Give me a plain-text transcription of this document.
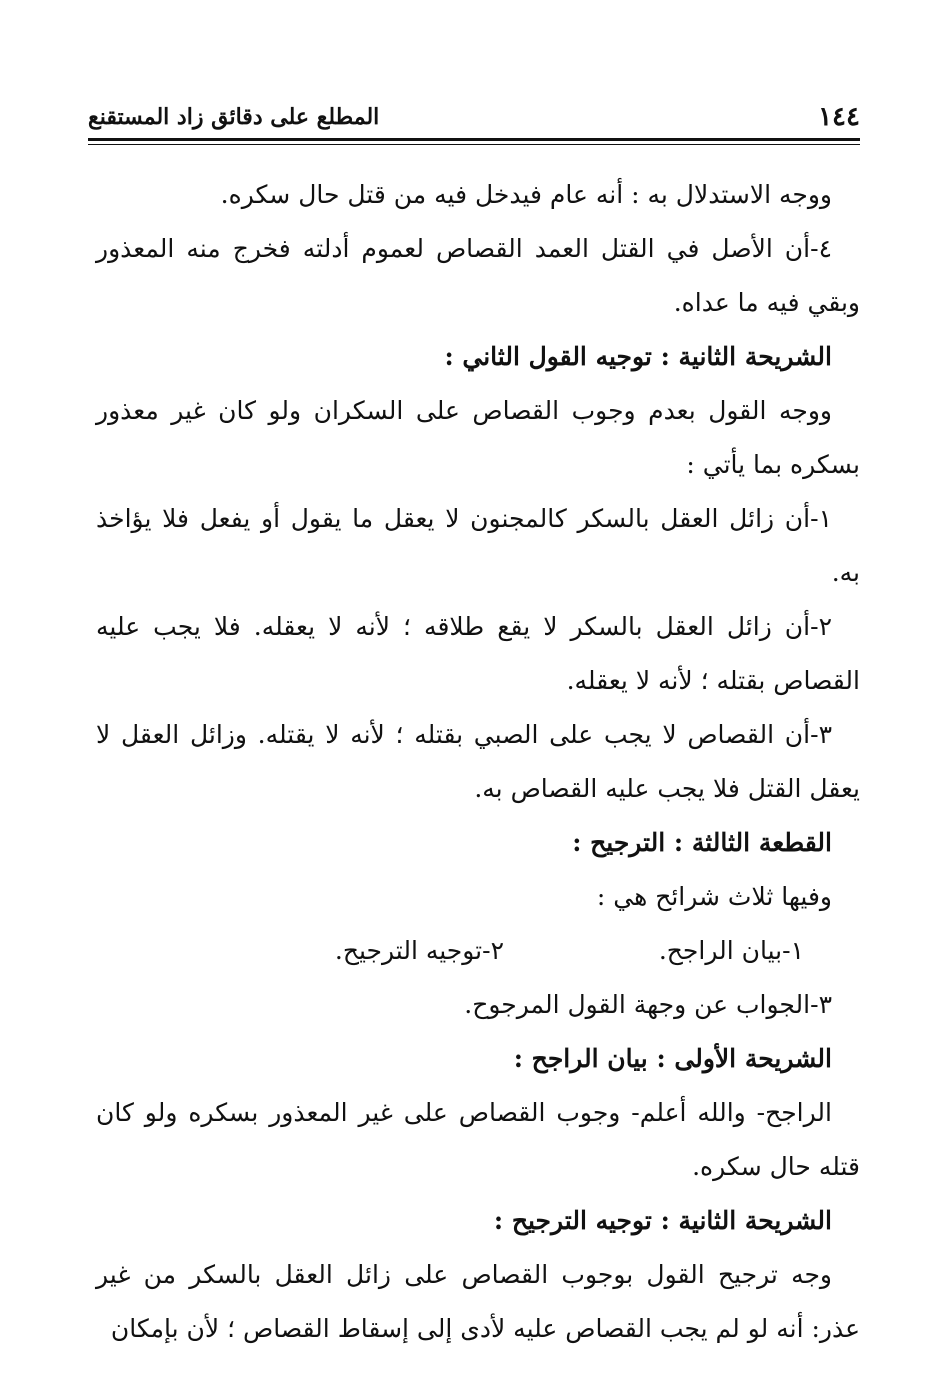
١٤٤
المطلع على دقائق زاد المستقنع

ووجه الاستدلال به : أنه عام فيدخل فيه من قتل حال سكره.

٤-أن الأصل في القتل العمد القصاص لعموم أدلته فخرج منه المعذور وبقي فيه ما عداه.

الشريحة الثانية : توجيه القول الثاني :

ووجه القول بعدم وجوب القصاص على السكران ولو كان غير معذور بسكره بما يأتي :

١-أن زائل العقل بالسكر كالمجنون لا يعقل ما يقول أو يفعل فلا يؤاخذ به.

٢-أن زائل العقل بالسكر لا يقع طلاقه ؛ لأنه لا يعقله. فلا يجب عليه القصاص بقتله ؛ لأنه لا يعقله.

٣-أن القصاص لا يجب على الصبي بقتله ؛ لأنه لا يقتله. وزائل العقل لا يعقل القتل فلا يجب عليه القصاص به.

القطعة الثالثة : الترجيح :

وفيها ثلاث شرائح هي :

١-بيان الراجح.
٢-توجيه الترجيح.

٣-الجواب عن وجهة القول المرجوح.

الشريحة الأولى : بيان الراجح :

الراجح- والله أعلم- وجوب القصاص على غير المعذور بسكره ولو كان قتله حال سكره.

الشريحة الثانية : توجيه الترجيح :

وجه ترجيح القول بوجوب القصاص على زائل العقل بالسكر من غير عذر: أنه لو لم يجب القصاص عليه لأدى إلى إسقاط القصاص ؛ لأن بإمكان
